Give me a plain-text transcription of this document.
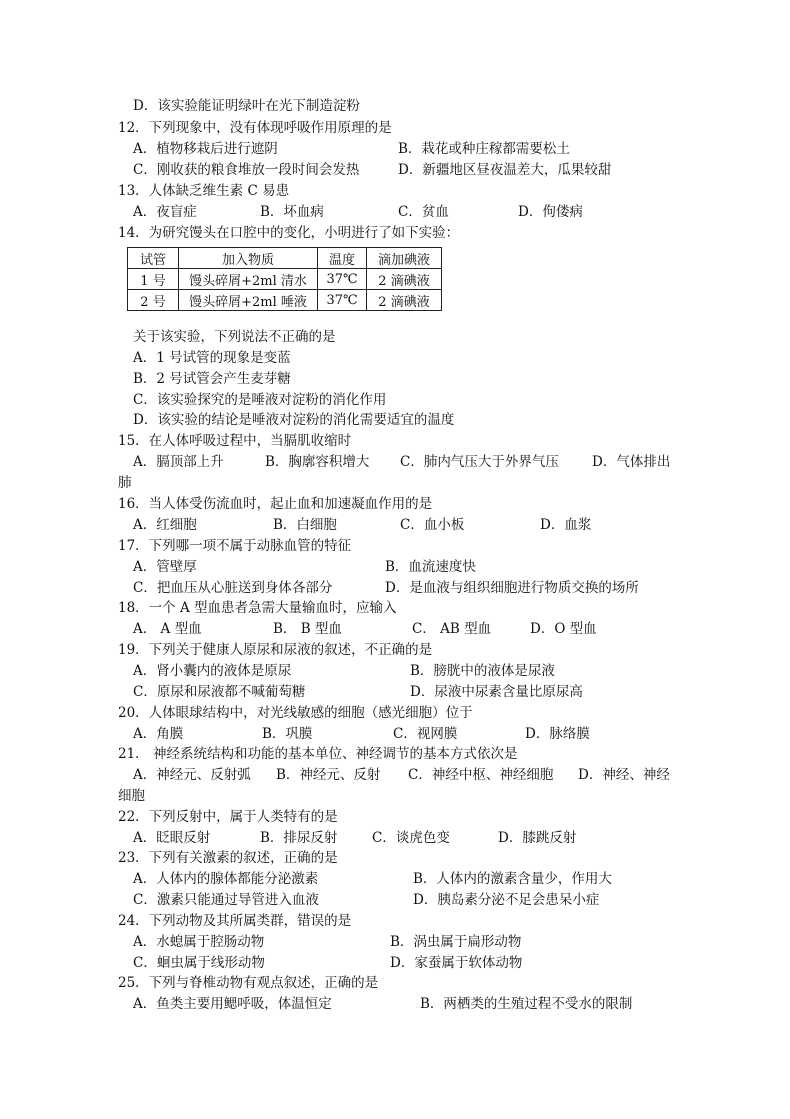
D．该实验能证明绿叶在光下制造淀粉
12．下列现象中，没有体现呼吸作用原理的是
A．植物移栽后进行遮阴	B．栽花或种庄稼都需要松土
C．刚收获的粮食堆放一段时间会发热	D．新疆地区昼夜温差大，瓜果较甜
13．人体缺乏维生素 C 易患
A．夜盲症	B．坏血病	C．贫血	D．佝偻病
14．为研究馒头在口腔中的变化，小明进行了如下实验：
关于该实验，下列说法不正确的是
A．1 号试管的现象是变蓝
B．2 号试管会产生麦芽糖
C．该实验探究的是唾液对淀粉的消化作用
D．该实验的结论是唾液对淀粉的消化需要适宜的温度
15．在人体呼吸过程中，当膈肌收缩时
A．膈顶部上升	B．胸廓容积增大 C．肺内气压大于外界气压 D．气体排出
肺
16．当人体受伤流血时，起止血和加速凝血作用的是
A．红细胞	B．白细胞	C．血小板	D．血浆
17．下列哪一项不属于动脉血管的特征
A．管壁厚	B．血流速度快
C．把血压从心脏送到身体各部分	D．是血液与组织细胞进行物质交换的场所
18．一个 A 型血患者急需大量输血时，应输入
A． A 型血	B． B 型血	C． AB 型血	D．O 型血
19．下列关于健康人原尿和尿液的叙述，不正确的是
A．肾小囊内的液体是原尿	B．膀胱中的液体是尿液
C．原尿和尿液都不喊葡萄糖	D．尿液中尿素含量比原尿高
20．人体眼球结构中，对光线敏感的细胞（感光细胞）位于
A．角膜	B．巩膜	C．视网膜	D．脉络膜
21． 神经系统结构和功能的基本单位、神经调节的基本方式依次是
A．神经元、反射弧 B．神经元、反射 C．神经中枢、神经细胞 D．神经、神经
细胞
22．下列反射中，属于人类特有的是
A．眨眼反射	B．排尿反射	C．谈虎色变	D．膝跳反射
23．下列有关激素的叙述，正确的是
A．人体内的腺体都能分泌激素	B．人体内的激素含量少，作用大
C．激素只能通过导管进入血液	D．胰岛素分泌不足会患呆小症
24．下列动物及其所属类群，错误的是
A．水螅属于腔肠动物	B．涡虫属于扁形动物
C．蛔虫属于线形动物	D．家蚕属于软体动物
25．下列与脊椎动物有观点叙述，正确的是
A．鱼类主要用鳃呼吸，体温恒定	B．两栖类的生殖过程不受水的限制
试管	加入物质	温度	滴加碘液
1 号	馒头碎屑+2ml 清水	37℃	2 滴碘液
2 号	馒头碎屑+2ml 唾液	37℃	2 滴碘液
